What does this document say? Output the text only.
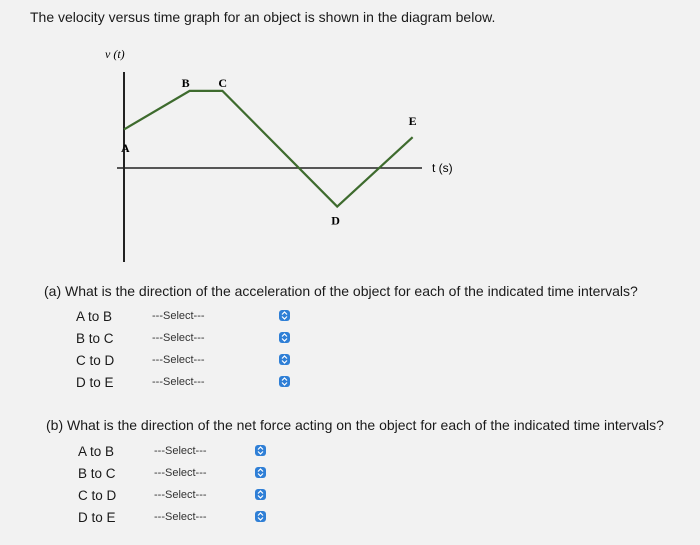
The velocity versus time graph for an object is shown in the diagram below.

v (t)
t (s)
A
B C
D
E

(a) What is the direction of the acceleration of the object for each of the indicated time intervals?

A to B	---Select---
B to C	---Select---
C to D	---Select---
D to E	---Select---

(b) What is the direction of the net force acting on the object for each of the indicated time intervals?

A to B	---Select---
B to C	---Select---
C to D	---Select---
D to E	---Select---
